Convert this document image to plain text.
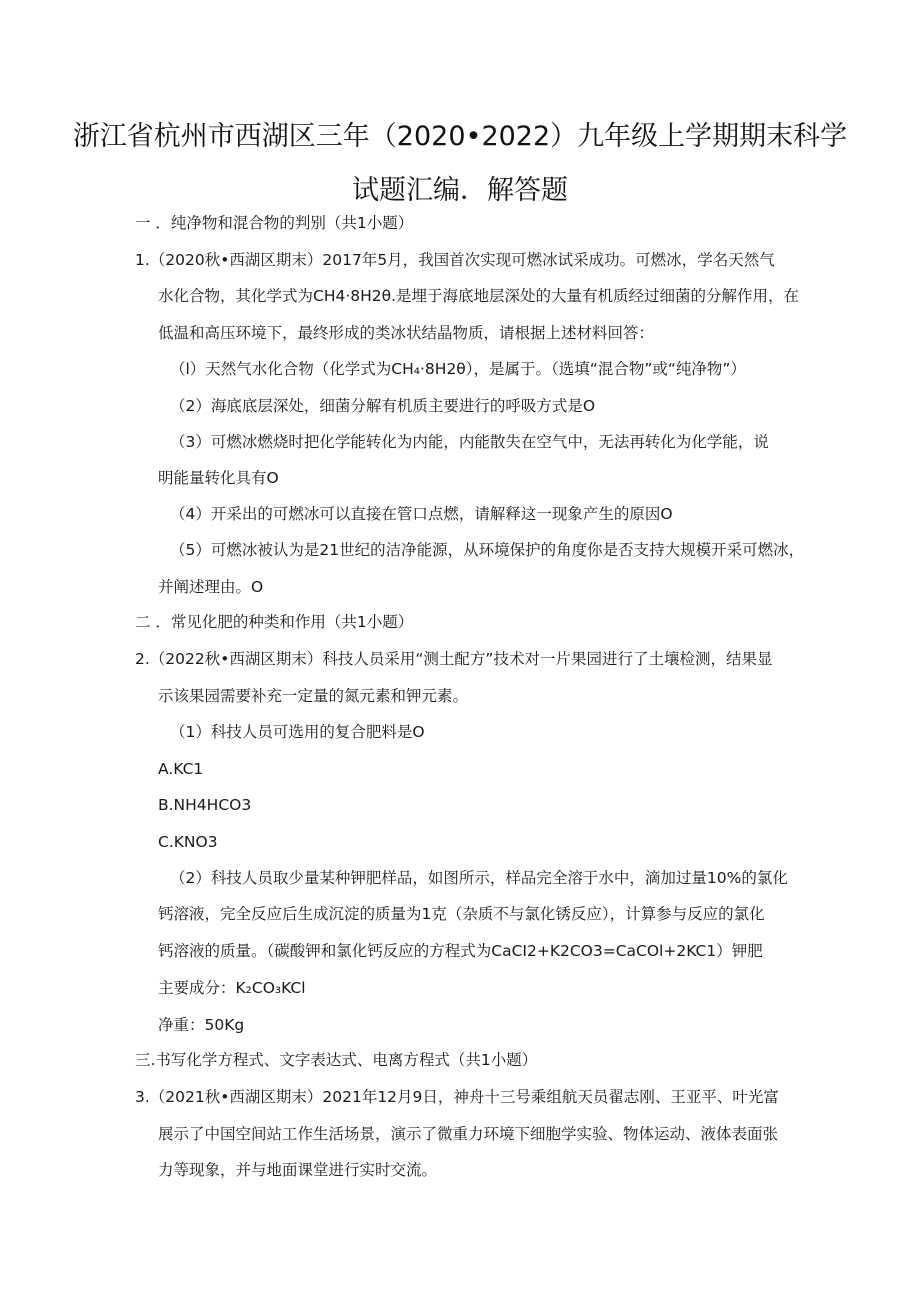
浙江省杭州市西湖区三年（2020•2022）九年级上学期期末科学
试题汇编．解答题
一 ．纯净物和混合物的判别（共1小题）
1.（2020秋•西湖区期末）2017年5月，我国首次实现可燃冰试采成功。可燃冰，学名天然气
水化合物，其化学式为CH4·8H2θ.是埋于海底地层深处的大量有机质经过细菌的分解作用，在
低温和高压环境下，最终形成的类冰状结晶物质，请根据上述材料回答：
（l）天然气水化合物（化学式为CH₄·8H2θ），是属于。（选填“混合物”或“纯净物”）
（2）海底底层深处，细菌分解有机质主要进行的呼吸方式是O
（3）可燃冰燃烧时把化学能转化为内能，内能散失在空气中，无法再转化为化学能，说
明能量转化具有O
（4）开采出的可燃冰可以直接在管口点燃，请解释这一现象产生的原因O
（5）可燃冰被认为是21世纪的洁净能源，从环境保护的角度你是否支持大规模开采可燃冰，
并阐述理由。O
二 ．常见化肥的种类和作用（共1小题）
2.（2022秋•西湖区期末）科技人员采用“测土配方”技术对一片果园进行了土壤检测，结果显
示该果园需要补充一定量的氮元素和钾元素。
（1）科技人员可选用的复合肥料是O
A.KC1
B.NH4HCO3
C.KNO3
（2）科技人员取少量某种钾肥样品，如图所示，样品完全溶于水中，滴加过量10%的氯化
钙溶液，完全反应后生成沉淀的质量为1克（杂质不与氯化锈反应），计算参与反应的氯化
钙溶液的质量。（碳酸钾和氯化钙反应的方程式为CaCI2+K2CO3=CaCOl+2KC1）钾肥
主要成分：K₂CO₃KCl
净重：50Kg
三.书写化学方程式、文字表达式、电离方程式（共1小题）
3.（2021秋•西湖区期末）2021年12月9日，神舟十三号乘组航天员翟志刚、王亚平、叶光富
展示了中国空间站工作生活场景，演示了微重力环境下细胞学实验、物体运动、液体表面张
力等现象，并与地面课堂进行实时交流。
